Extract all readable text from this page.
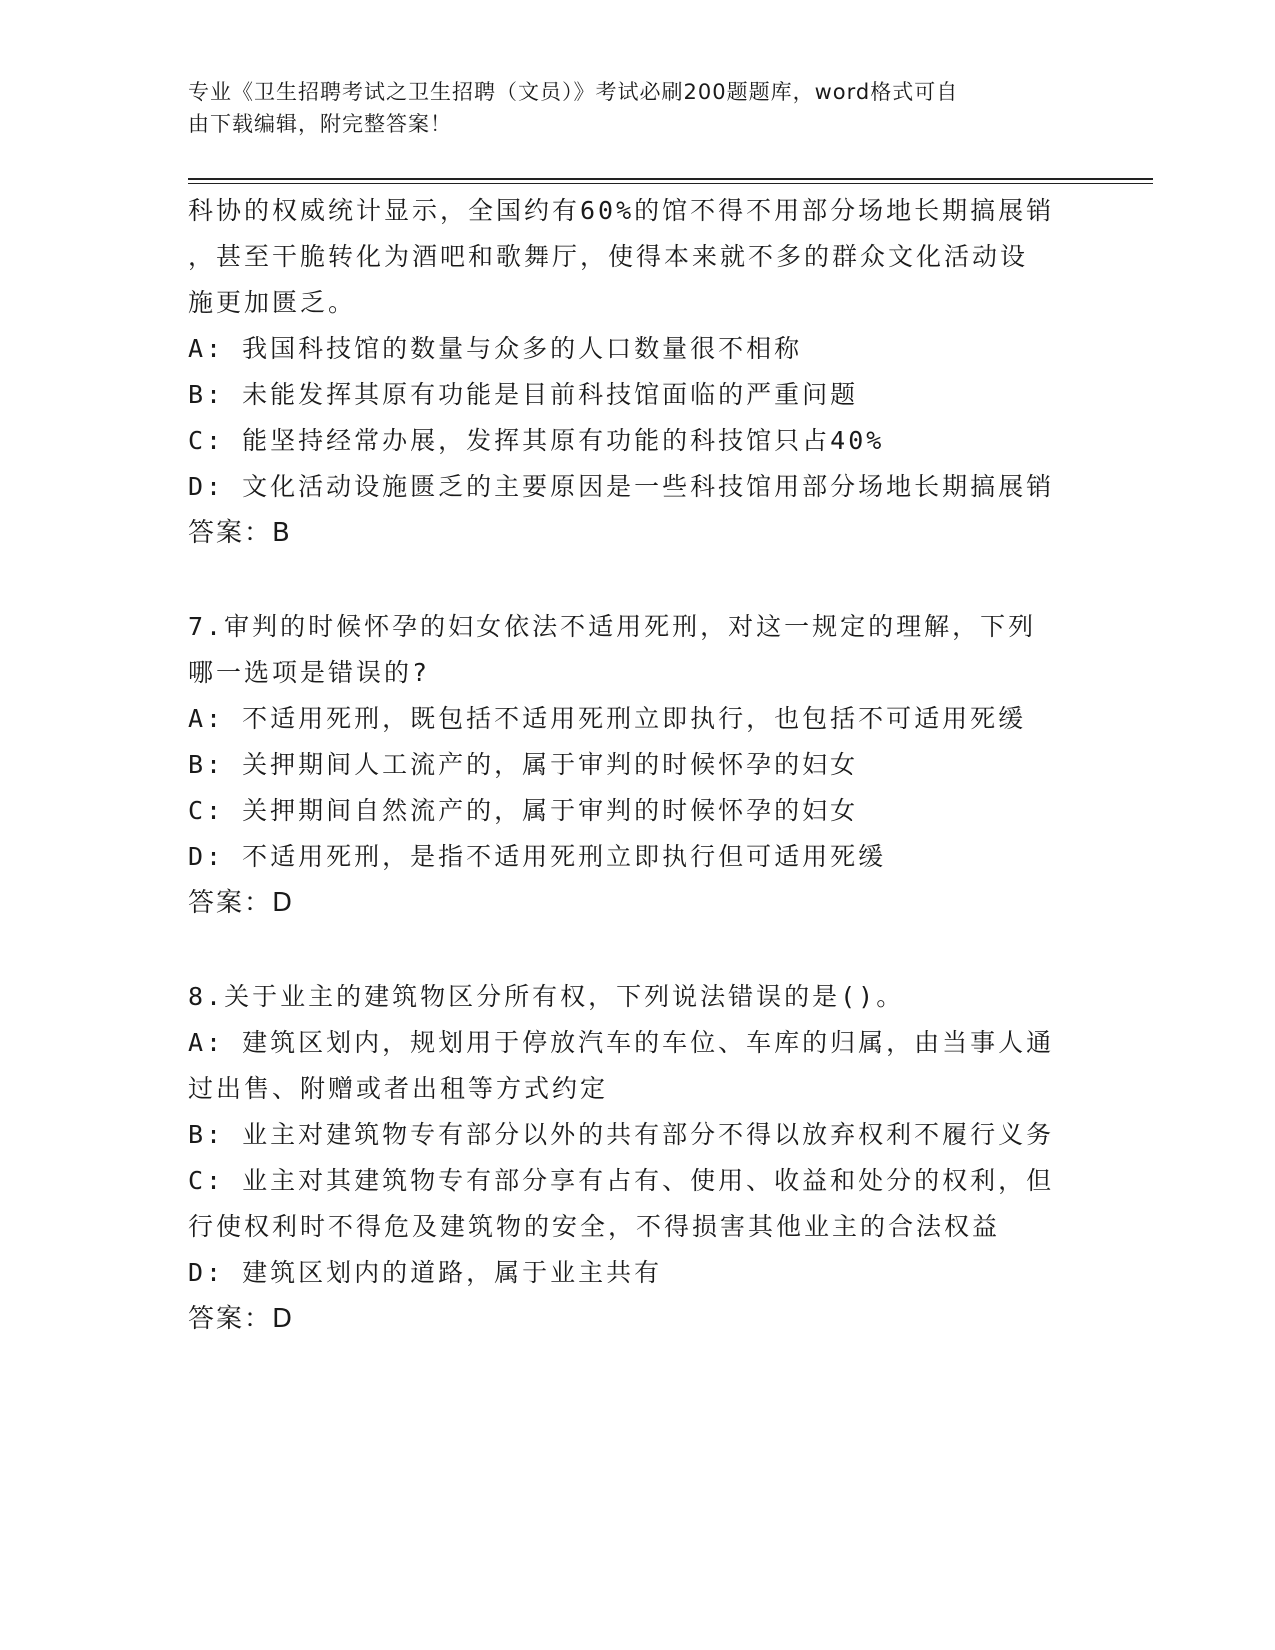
专业《卫生招聘考试之卫生招聘（文员）》考试必刷200题题库，word格式可自
由下载编辑，附完整答案！

科协的权威统计显示，全国约有60%的馆不得不用部分场地长期搞展销

，甚至干脆转化为酒吧和歌舞厅，使得本来就不多的群众文化活动设

施更加匮乏。

A: 我国科技馆的数量与众多的人口数量很不相称

B: 未能发挥其原有功能是目前科技馆面临的严重问题

C: 能坚持经常办展，发挥其原有功能的科技馆只占40%

D: 文化活动设施匮乏的主要原因是一些科技馆用部分场地长期搞展销

答案：B

7.审判的时候怀孕的妇女依法不适用死刑，对这一规定的理解，下列

哪一选项是错误的?

A: 不适用死刑，既包括不适用死刑立即执行，也包括不可适用死缓

B: 关押期间人工流产的，属于审判的时候怀孕的妇女

C: 关押期间自然流产的，属于审判的时候怀孕的妇女

D: 不适用死刑，是指不适用死刑立即执行但可适用死缓

答案：D

8.关于业主的建筑物区分所有权，下列说法错误的是()。

A: 建筑区划内，规划用于停放汽车的车位、车库的归属，由当事人通

过出售、附赠或者出租等方式约定

B: 业主对建筑物专有部分以外的共有部分不得以放弃权利不履行义务

C: 业主对其建筑物专有部分享有占有、使用、收益和处分的权利，但

行使权利时不得危及建筑物的安全，不得损害其他业主的合法权益

D: 建筑区划内的道路，属于业主共有

答案：D
